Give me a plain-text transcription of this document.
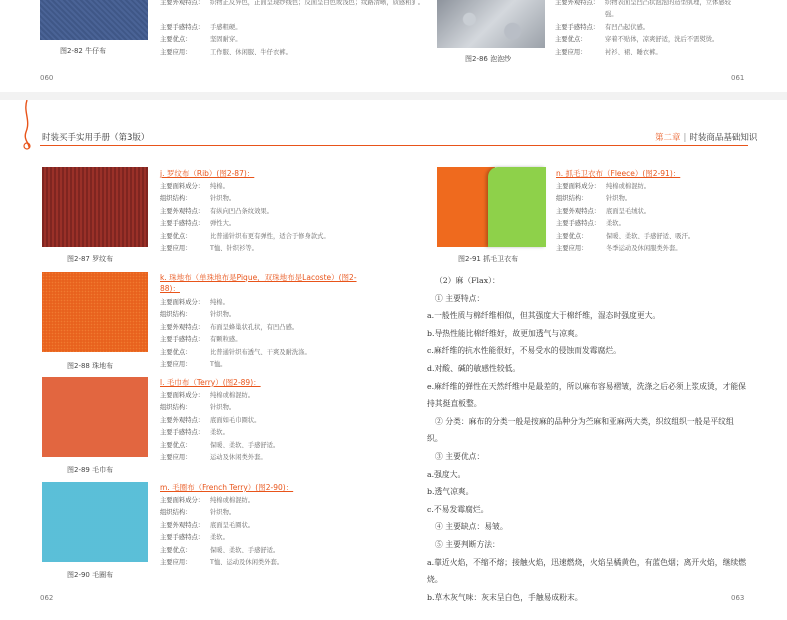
图2-82 牛仔布
主要外观特点： 织物正反异色，正面呈现纱线色；反面呈白色或浅色；纹路清晰，质感粗犷。

主要手感特点： 手感粗硬。
主要优点：	坚固耐穿。
主要应用：	工作服、休闲服、牛仔衣裤。
060
图2-86 泡泡纱
主要外观特点： 织物表面呈凹凸状泡泡的造型肌理，立体感较强。
主要手感特点： 有凹凸起伏感。
主要优点：	穿着不贴体，凉爽舒适，洗后不需熨烫。
主要应用：	衬衫、裙、睡衣裤。
061
时装买手实用手册（第3版）	第二章 | 时装商品基础知识
图2-87 罗纹布
j. 罗纹布（Rib）(图2-87)：
主要面料成分： 纯棉。
组织结构：	针织物。
主要外观特点： 有纵向凹凸条纹效果。
主要手感特点： 弹性大。
主要优点：	比普通针织布更有弹性，适合于修身款式。
主要应用：	T恤、针织衫等。
图2-88 珠地布
k. 珠地布（单珠地布是Pique，双珠地布是Lacoste）(图2-88)：
主要面料成分： 纯棉。
组织结构：	针织物。
主要外观特点： 布面呈蜂巢状孔状，有凹凸感。
主要手感特点： 有颗粒感。
主要优点：	比普通针织布透气、干爽及耐洗涤。
主要应用：	T恤。
图2-89 毛巾布
l. 毛巾布（Terry）(图2-89)：
主要面料成分： 纯棉或棉混纺。
组织结构：	针织物。
主要外观特点： 底面如毛巾圈状。
主要手感特点： 柔软。
主要优点：	保暖、柔软、手感舒适。
主要应用：	运动及休闲类外套。
图2-90 毛圈布
m. 毛圈布（French Terry）(图2-90)：
主要面料成分： 纯棉或棉混纺。
组织结构：	针织物。
主要外观特点： 底面呈毛圈状。
主要手感特点： 柔软。
主要优点：	保暖、柔软、手感舒适。
主要应用：	T恤、运动及休闲类外套。
062
图2-91 抓毛卫衣布
n. 抓毛卫衣布（Fleece）(图2-91)：
主要面料成分： 纯棉或棉混纺。
组织结构：	针织物。
主要外观特点： 底面呈毛绒状。
主要手感特点： 柔软。
主要优点：	保暖、柔软、手感舒适、吸汗。
主要应用：	冬季运动及休闲服类外套。

（2）麻（Flax）：

① 主要特点：

a.一般性质与棉纤维相似，但其强度大于棉纤维，湿态时强度更大。

b.导热性能比棉纤维好，故更加透气与凉爽。

c.麻纤维的抗水性能很好，不易受水的侵蚀而发霉腐烂。

d.对酸、碱的敏感性较低。

e.麻纤维的弹性在天然纤维中是最差的，所以麻布容易褶皱，洗涤之后必须上浆成烫，才能保持其挺直板整。

② 分类：麻布的分类一般是按麻的品种分为苎麻和亚麻两大类，织纹组织一般是平纹组织。

③ 主要优点：

a.强度大。

b.透气凉爽。

c.不易发霉腐烂。

④ 主要缺点：易皱。

⑤ 主要判断方法：

a.靠近火焰，不缩不熔；接触火焰，迅速燃烧，火焰呈橘黄色，有蓝色烟；离开火焰，继续燃烧。

b.草木灰气味：灰末呈白色，手触易成粉末。	063
